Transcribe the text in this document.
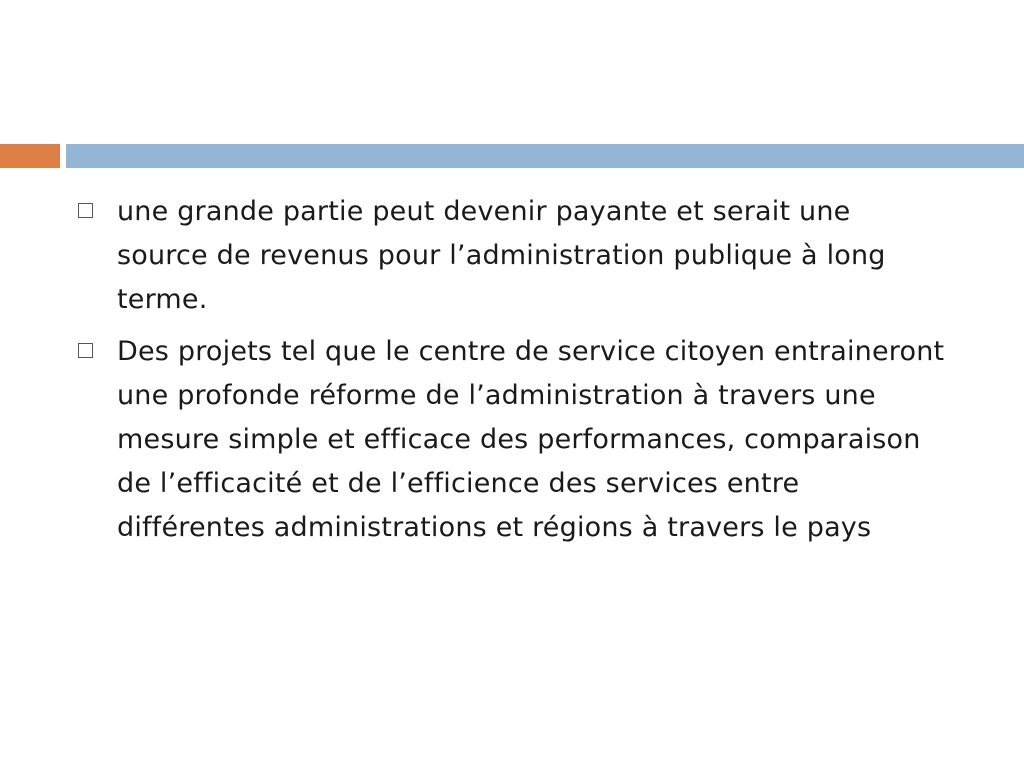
une grande partie peut devenir payante et serait une source de revenus pour l’administration publique à long terme.
Des projets tel que le centre de service citoyen entraineront une profonde réforme de l’administration à travers une mesure simple et efficace des performances, comparaison de l’efficacité et de l’efficience des services entre différentes administrations et régions à travers le pays
